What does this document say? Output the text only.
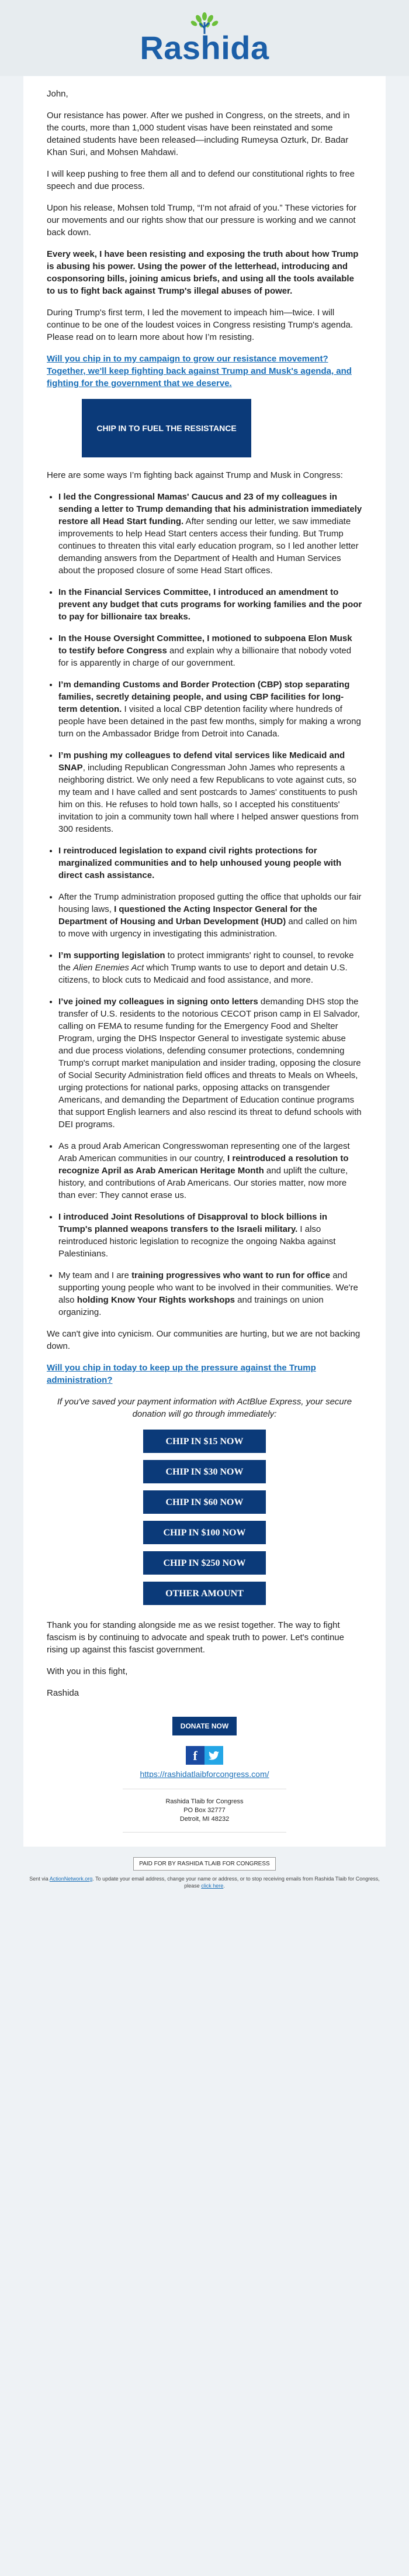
Rashida

John,

Our resistance has power. After we pushed in Congress, on the streets, and in the courts, more than 1,000 student visas have been reinstated and some detained students have been released—including Rumeysa Ozturk, Dr. Badar Khan Suri, and Mohsen Mahdawi.

I will keep pushing to free them all and to defend our constitutional rights to free speech and due process.

Upon his release, Mohsen told Trump, “I’m not afraid of you.” These victories for our movements and our rights show that our pressure is working and we cannot back down.

Every week, I have been resisting and exposing the truth about how Trump is abusing his power. Using the power of the letterhead, introducing and cosponsoring bills, joining amicus briefs, and using all the tools available to us to fight back against Trump's illegal abuses of power.

During Trump's first term, I led the movement to impeach him—twice. I will continue to be one of the loudest voices in Congress resisting Trump's agenda. Please read on to learn more about how I’m resisting.

Will you chip in to my campaign to grow our resistance movement? Together, we'll keep fighting back against Trump and Musk's agenda, and fighting for the government that we deserve.

CHIP IN TO FUEL THE RESISTANCE

Here are some ways I’m fighting back against Trump and Musk in Congress:

• I led the Congressional Mamas' Caucus and 23 of my colleagues in sending a letter to Trump demanding that his administration immediately restore all Head Start funding. After sending our letter, we saw immediate improvements to help Head Start centers access their funding. But Trump continues to threaten this vital early education program, so I led another letter demanding answers from the Department of Health and Human Services about the proposed closure of some Head Start offices.
• In the Financial Services Committee, I introduced an amendment to prevent any budget that cuts programs for working families and the poor to pay for billionaire tax breaks.
• In the House Oversight Committee, I motioned to subpoena Elon Musk to testify before Congress and explain why a billionaire that nobody voted for is apparently in charge of our government.
• I’m demanding Customs and Border Protection (CBP) stop separating families, secretly detaining people, and using CBP facilities for long-term detention. I visited a local CBP detention facility where hundreds of people have been detained in the past few months, simply for making a wrong turn on the Ambassador Bridge from Detroit into Canada.
• I’m pushing my colleagues to defend vital services like Medicaid and SNAP, including Republican Congressman John James who represents a neighboring district. We only need a few Republicans to vote against cuts, so my team and I have called and sent postcards to James' constituents to push him on this. He refuses to hold town halls, so I accepted his constituents' invitation to join a community town hall where I helped answer questions from 300 residents.
• I reintroduced legislation to expand civil rights protections for marginalized communities and to help unhoused young people with direct cash assistance.
• After the Trump administration proposed gutting the office that upholds our fair housing laws, I questioned the Acting Inspector General for the Department of Housing and Urban Development (HUD) and called on him to move with urgency in investigating this administration.
• I’m supporting legislation to protect immigrants' right to counsel, to revoke the Alien Enemies Act which Trump wants to use to deport and detain U.S. citizens, to block cuts to Medicaid and food assistance, and more.
• I’ve joined my colleagues in signing onto letters demanding DHS stop the transfer of U.S. residents to the notorious CECOT prison camp in El Salvador, calling on FEMA to resume funding for the Emergency Food and Shelter Program, urging the DHS Inspector General to investigate systemic abuse and due process violations, defending consumer protections, condemning Trump's corrupt market manipulation and insider trading, opposing the closure of Social Security Administration field offices and threats to Meals on Wheels, urging protections for national parks, opposing attacks on transgender Americans, and demanding the Department of Education continue programs that support English learners and also rescind its threat to defund schools with DEI programs.
• As a proud Arab American Congresswoman representing one of the largest Arab American communities in our country, I reintroduced a resolution to recognize April as Arab American Heritage Month and uplift the culture, history, and contributions of Arab Americans. Our stories matter, now more than ever: They cannot erase us.
• I introduced Joint Resolutions of Disapproval to block billions in Trump's planned weapons transfers to the Israeli military. I also reintroduced historic legislation to recognize the ongoing Nakba against Palestinians.
• My team and I are training progressives who want to run for office and supporting young people who want to be involved in their communities. We're also holding Know Your Rights workshops and trainings on union organizing.

We can't give into cynicism. Our communities are hurting, but we are not backing down.

Will you chip in today to keep up the pressure against the Trump administration?

If you've saved your payment information with ActBlue Express, your secure donation will go through immediately:

CHIP IN $15 NOW
CHIP IN $30 NOW
CHIP IN $60 NOW
CHIP IN $100 NOW
CHIP IN $250 NOW
OTHER AMOUNT

Thank you for standing alongside me as we resist together. The way to fight fascism is by continuing to advocate and speak truth to power. Let's continue rising up against this fascist government.

With you in this fight,

Rashida

DONATE NOW
f
https://rashidatlaibforcongress.com/
Rashida Tlaib for Congress
PO Box 32777
Detroit, MI 48232
PAID FOR BY RASHIDA TLAIB FOR CONGRESS
Sent via ActionNetwork.org. To update your email address, change your name or address, or to stop receiving emails from Rashida Tlaib for Congress, please click here.
